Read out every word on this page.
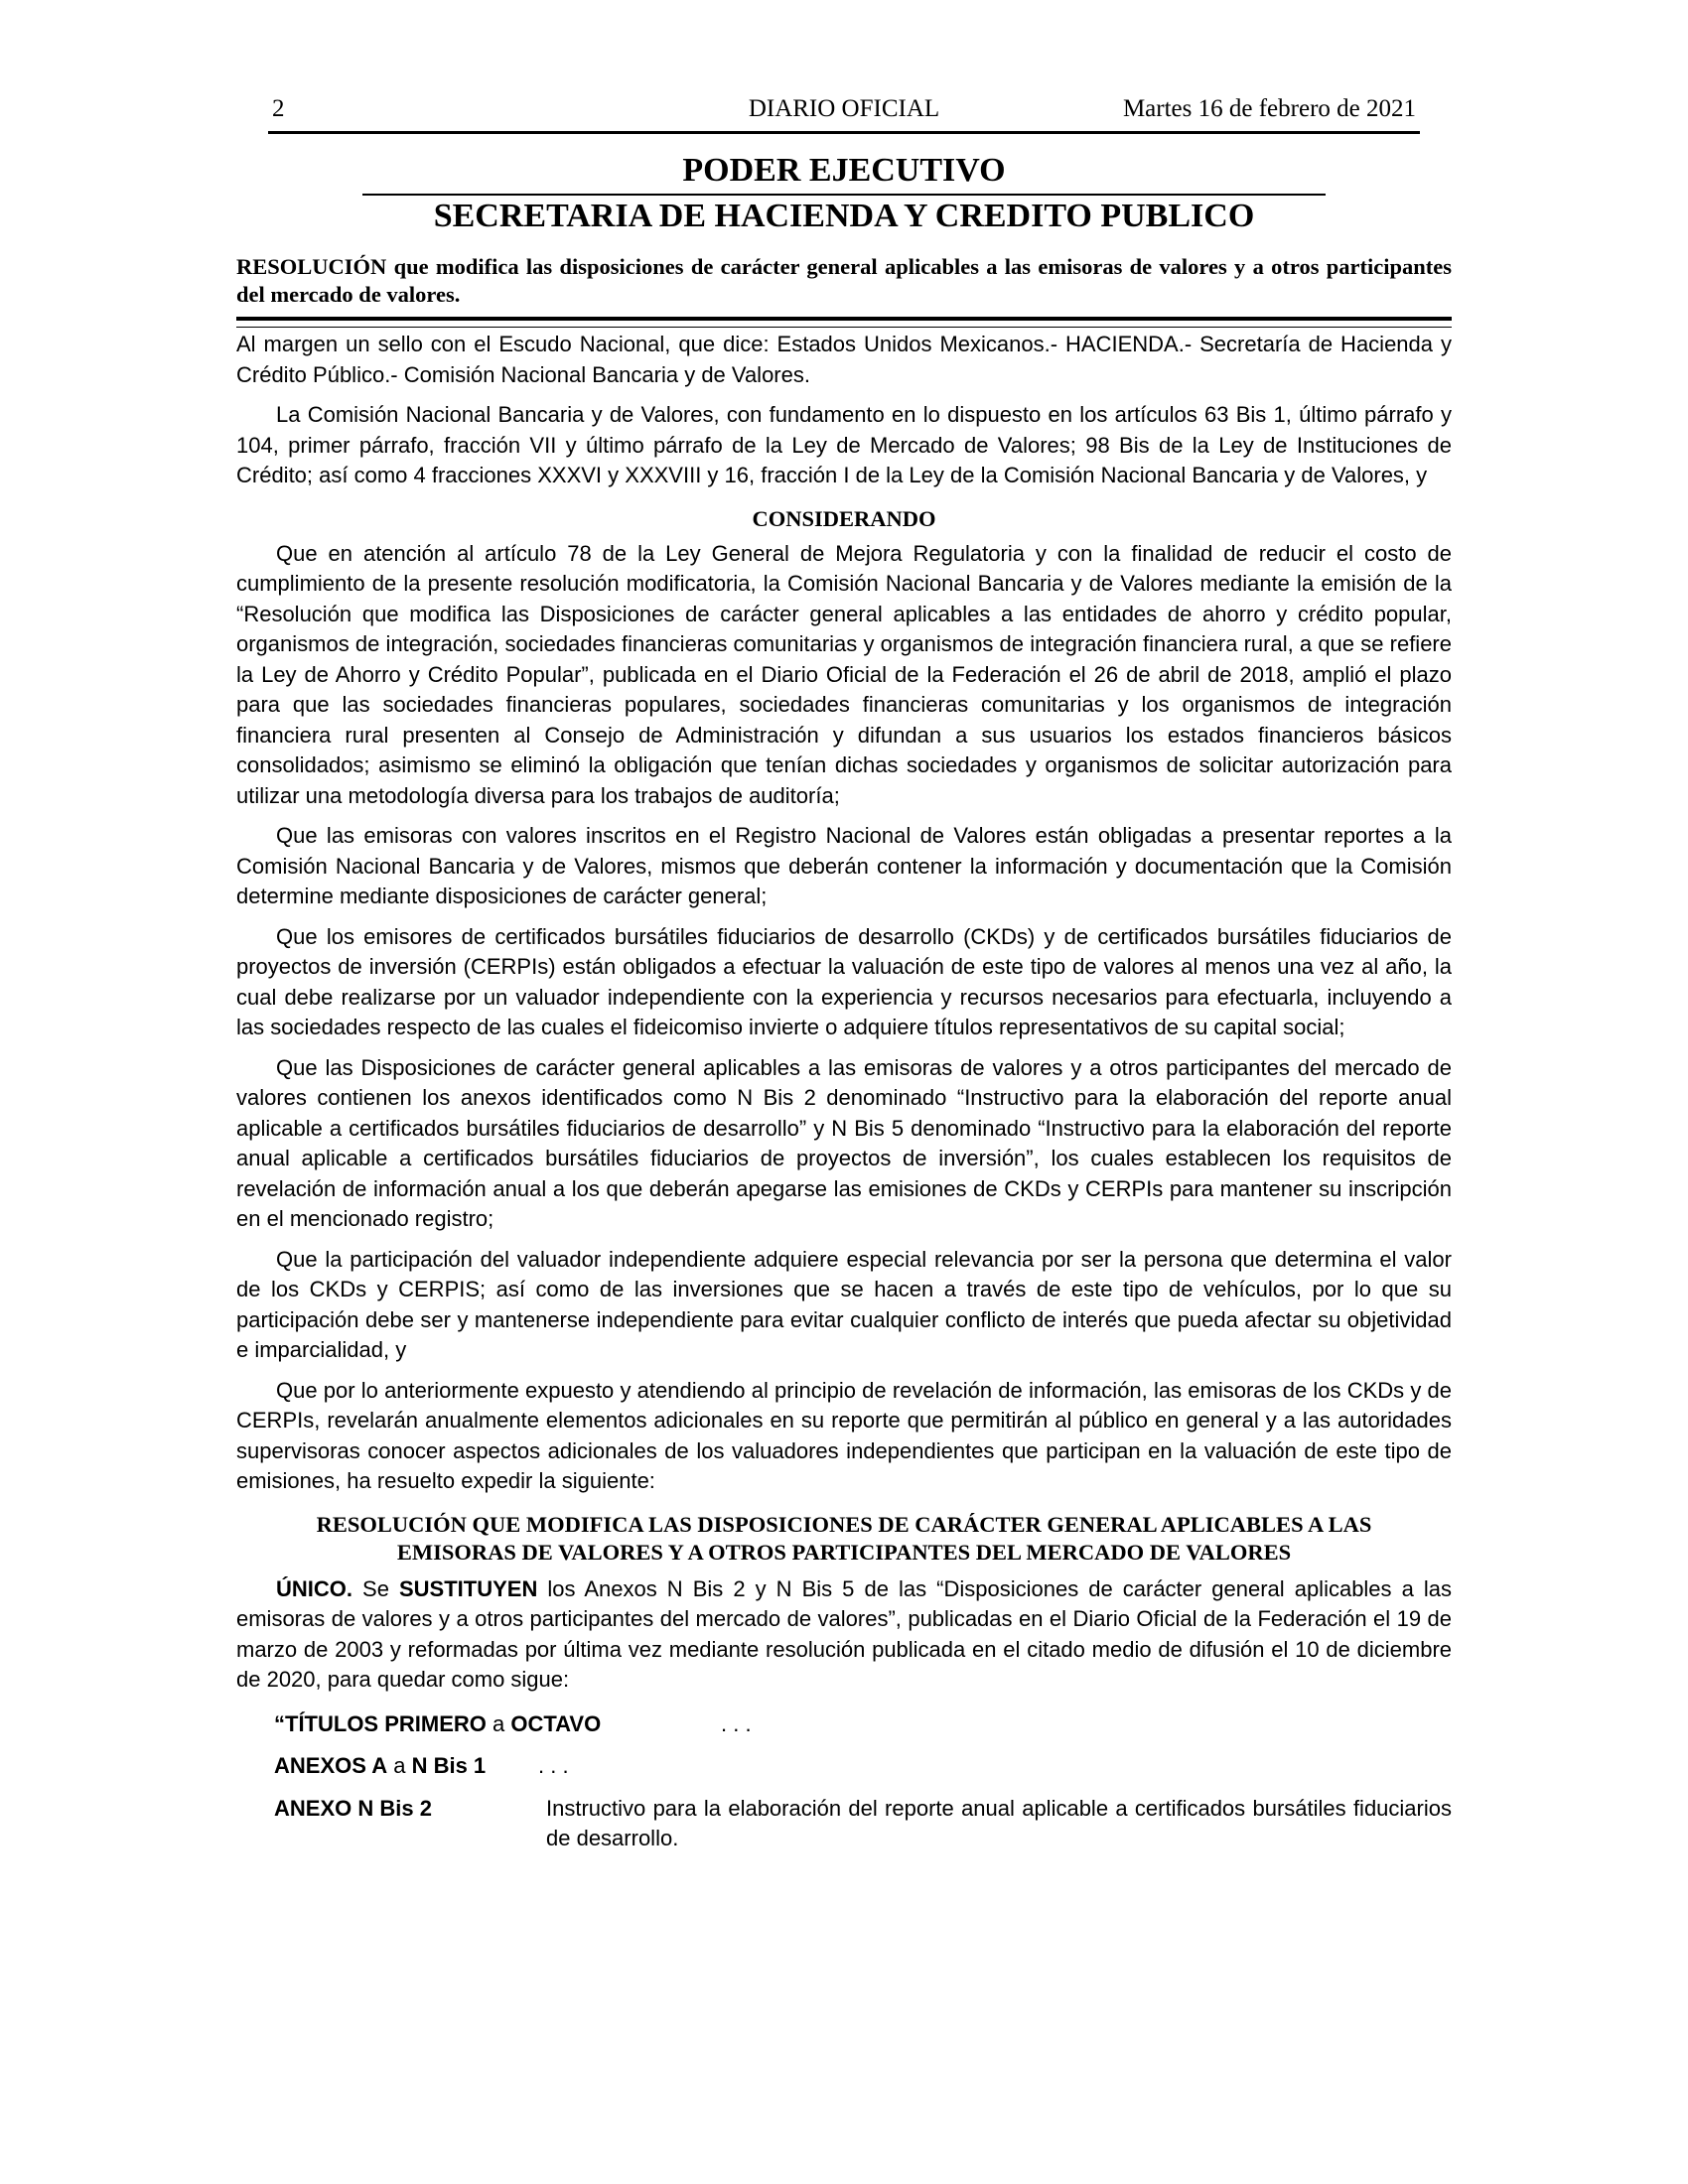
2	DIARIO OFICIAL	Martes 16 de febrero de 2021
PODER EJECUTIVO
SECRETARIA DE HACIENDA Y CREDITO PUBLICO

RESOLUCIÓN que modifica las disposiciones de carácter general aplicables a las emisoras de valores y a otros participantes del mercado de valores.

Al margen un sello con el Escudo Nacional, que dice: Estados Unidos Mexicanos.- HACIENDA.- Secretaría de Hacienda y Crédito Público.- Comisión Nacional Bancaria y de Valores.

La Comisión Nacional Bancaria y de Valores, con fundamento en lo dispuesto en los artículos 63 Bis 1, último párrafo y 104, primer párrafo, fracción VII y último párrafo de la Ley de Mercado de Valores; 98 Bis de la Ley de Instituciones de Crédito; así como 4 fracciones XXXVI y XXXVIII y 16, fracción I de la Ley de la Comisión Nacional Bancaria y de Valores, y

CONSIDERANDO

Que en atención al artículo 78 de la Ley General de Mejora Regulatoria y con la finalidad de reducir el costo de cumplimiento de la presente resolución modificatoria, la Comisión Nacional Bancaria y de Valores mediante la emisión de la “Resolución que modifica las Disposiciones de carácter general aplicables a las entidades de ahorro y crédito popular, organismos de integración, sociedades financieras comunitarias y organismos de integración financiera rural, a que se refiere la Ley de Ahorro y Crédito Popular”, publicada en el Diario Oficial de la Federación el 26 de abril de 2018, amplió el plazo para que las sociedades financieras populares, sociedades financieras comunitarias y los organismos de integración financiera rural presenten al Consejo de Administración y difundan a sus usuarios los estados financieros básicos consolidados; asimismo se eliminó la obligación que tenían dichas sociedades y organismos de solicitar autorización para utilizar una metodología diversa para los trabajos de auditoría;

Que las emisoras con valores inscritos en el Registro Nacional de Valores están obligadas a presentar reportes a la Comisión Nacional Bancaria y de Valores, mismos que deberán contener la información y documentación que la Comisión determine mediante disposiciones de carácter general;

Que los emisores de certificados bursátiles fiduciarios de desarrollo (CKDs) y de certificados bursátiles fiduciarios de proyectos de inversión (CERPIs) están obligados a efectuar la valuación de este tipo de valores al menos una vez al año, la cual debe realizarse por un valuador independiente con la experiencia y recursos necesarios para efectuarla, incluyendo a las sociedades respecto de las cuales el fideicomiso invierte o adquiere títulos representativos de su capital social;

Que las Disposiciones de carácter general aplicables a las emisoras de valores y a otros participantes del mercado de valores contienen los anexos identificados como N Bis 2 denominado “Instructivo para la elaboración del reporte anual aplicable a certificados bursátiles fiduciarios de desarrollo” y N Bis 5 denominado “Instructivo para la elaboración del reporte anual aplicable a certificados bursátiles fiduciarios de proyectos de inversión”, los cuales establecen los requisitos de revelación de información anual a los que deberán apegarse las emisiones de CKDs y CERPIs para mantener su inscripción en el mencionado registro;

Que la participación del valuador independiente adquiere especial relevancia por ser la persona que determina el valor de los CKDs y CERPIS; así como de las inversiones que se hacen a través de este tipo de vehículos, por lo que su participación debe ser y mantenerse independiente para evitar cualquier conflicto de interés que pueda afectar su objetividad e imparcialidad, y

Que por lo anteriormente expuesto y atendiendo al principio de revelación de información, las emisoras de los CKDs y de CERPIs, revelarán anualmente elementos adicionales en su reporte que permitirán al público en general y a las autoridades supervisoras conocer aspectos adicionales de los valuadores independientes que participan en la valuación de este tipo de emisiones, ha resuelto expedir la siguiente:

RESOLUCIÓN QUE MODIFICA LAS DISPOSICIONES DE CARÁCTER GENERAL APLICABLES A LAS
EMISORAS DE VALORES Y A OTROS PARTICIPANTES DEL MERCADO DE VALORES

ÚNICO. Se SUSTITUYEN los Anexos N Bis 2 y N Bis 5 de las “Disposiciones de carácter general aplicables a las emisoras de valores y a otros participantes del mercado de valores”, publicadas en el Diario Oficial de la Federación el 19 de marzo de 2003 y reformadas por última vez mediante resolución publicada en el citado medio de difusión el 10 de diciembre de 2020, para quedar como sigue:

“TÍTULOS PRIMERO a OCTAVO	. . .
ANEXOS A a N Bis 1	. . .
ANEXO N Bis 2	Instructivo para la elaboración del reporte anual aplicable a certificados bursátiles fiduciarios de desarrollo.
